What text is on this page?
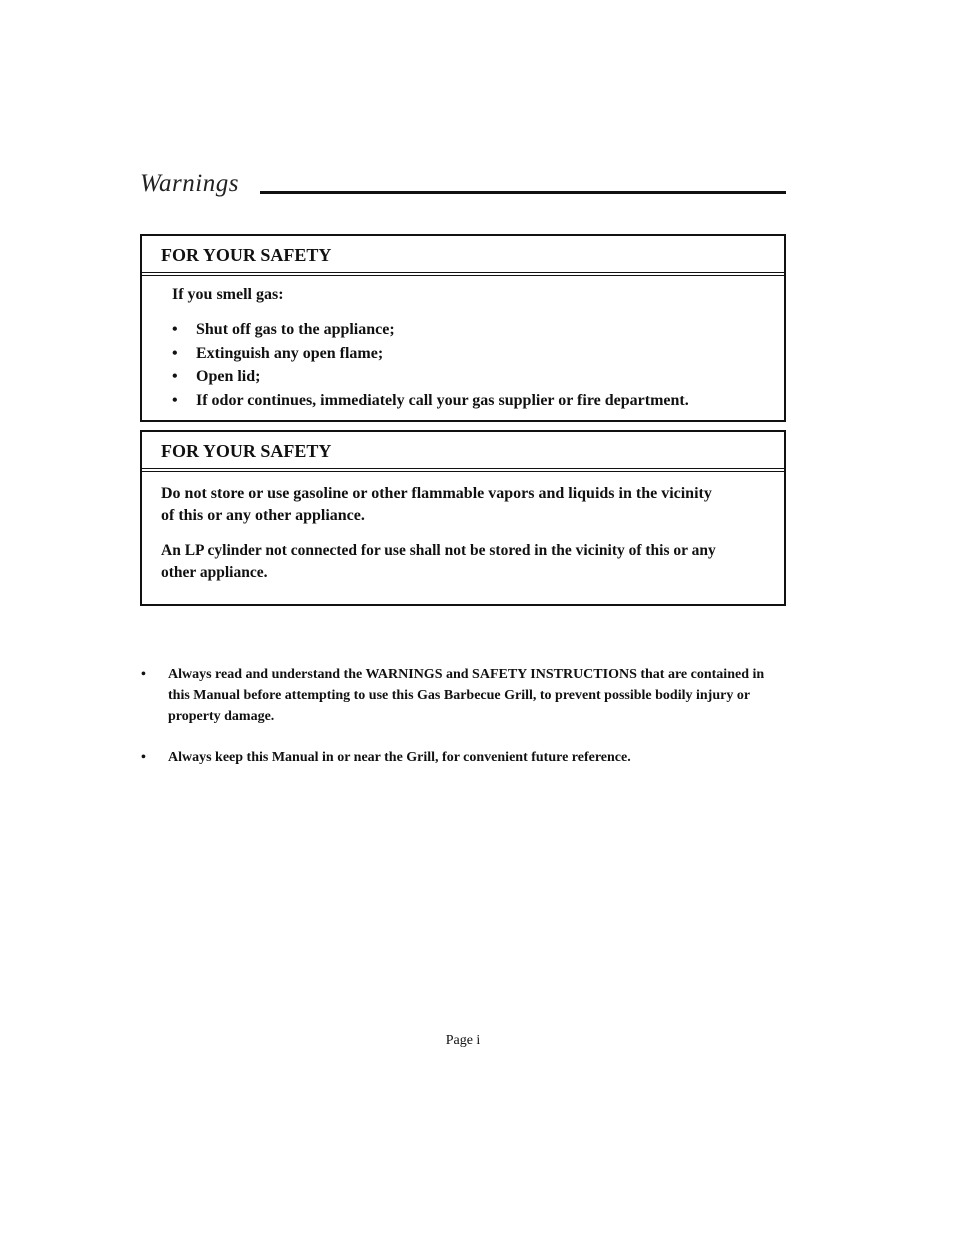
Warnings
FOR YOUR SAFETY
If you smell gas:
• Shut off gas to the appliance;
• Extinguish any open flame;
• Open lid;
• If odor continues, immediately call your gas supplier or fire department.
FOR YOUR SAFETY
Do not store or use gasoline or other flammable vapors and liquids in the vicinity of this or any other appliance.
An LP cylinder not connected for use shall not be stored in the vicinity of this or any other appliance.
• Always read and understand the WARNINGS and SAFETY INSTRUCTIONS that are contained in this Manual before attempting to use this Gas Barbecue Grill, to prevent possible bodily injury or property damage.
• Always keep this Manual in or near the Grill, for convenient future reference.
Page i
